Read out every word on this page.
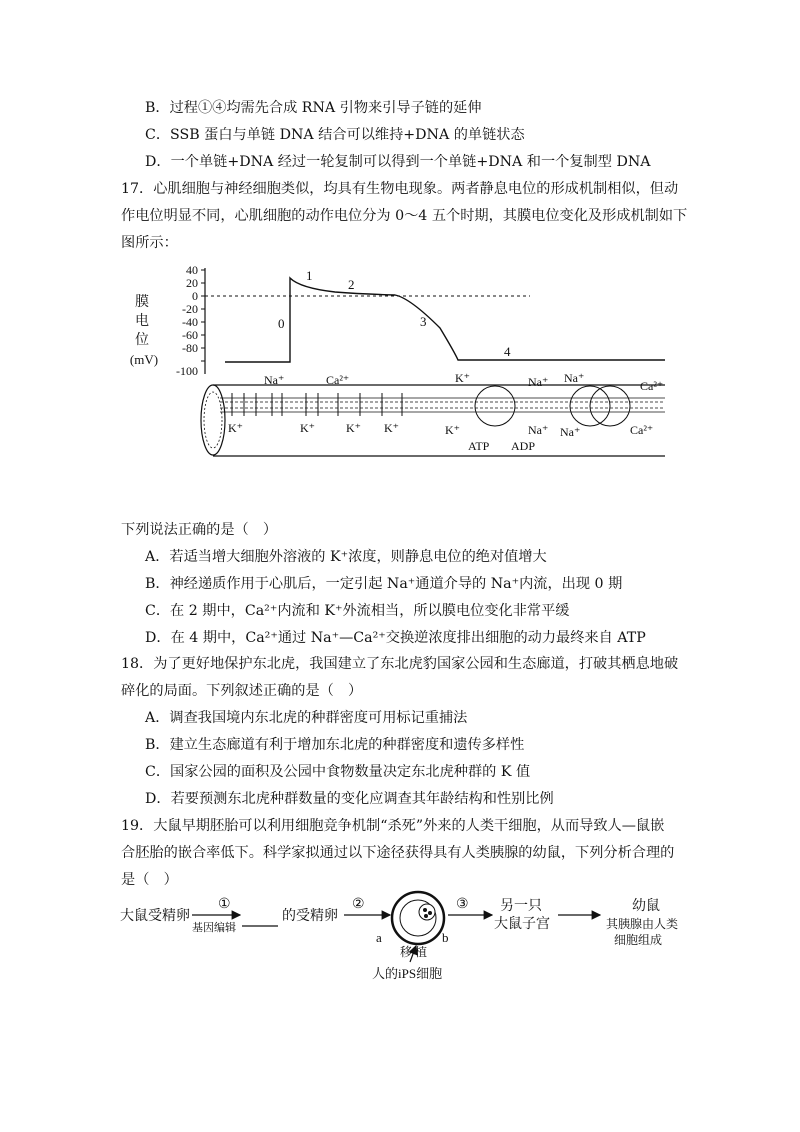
B．过程①④均需先合成 RNA 引物来引导子链的延伸
C．SSB 蛋白与单链 DNA 结合可以维持+DNA 的单链状态
D．一个单链+DNA 经过一轮复制可以得到一个单链+DNA 和一个复制型 DNA
17．心肌细胞与神经细胞类似，均具有生物电现象。两者静息电位的形成机制相似，但动
作电位明显不同，心肌细胞的动作电位分为 0～4 五个时期，其膜电位变化及形成机制如下
图所示：
膜
电
位
(mV)
40
20
0
-20
-40
-60
-80
-100
0
1
2
3
4
Na⁺	Ca²⁺
K⁺	K⁺	K⁺ K⁺
K⁺	Na⁺
K⁺
ATP ADP
Na⁺
Na⁺
Na⁺
Ca²⁺
Ca²⁺
下列说法正确的是（　）
A．若适当增大细胞外溶液的 K⁺浓度，则静息电位的绝对值增大
B．神经递质作用于心肌后，一定引起 Na⁺通道介导的 Na⁺内流，出现 0 期
C．在 2 期中，Ca²⁺内流和 K⁺外流相当，所以膜电位变化非常平缓
D．在 4 期中，Ca²⁺通过 Na⁺—Ca²⁺交换逆浓度排出细胞的动力最终来自 ATP
18．为了更好地保护东北虎，我国建立了东北虎豹国家公园和生态廊道，打破其栖息地破
碎化的局面。下列叙述正确的是（　）
A．调查我国境内东北虎的种群密度可用标记重捕法
B．建立生态廊道有利于增加东北虎的种群密度和遗传多样性
C．国家公园的面积及公园中食物数量决定东北虎种群的 K 值
D．若要预测东北虎种群数量的变化应调查其年龄结构和性别比例
19．大鼠早期胚胎可以利用细胞竞争机制“杀死”外来的人类干细胞，从而导致人—鼠嵌
合胚胎的嵌合率低下。科学家拟通过以下途径获得具有人类胰腺的幼鼠，下列分析合理的
是（　）
大鼠受精卵
①
基因编辑
的受精卵
②
a	b
移 植
人的iPS细胞
③ 另一只
大鼠子宫
幼鼠
其胰腺由人类
细胞组成
